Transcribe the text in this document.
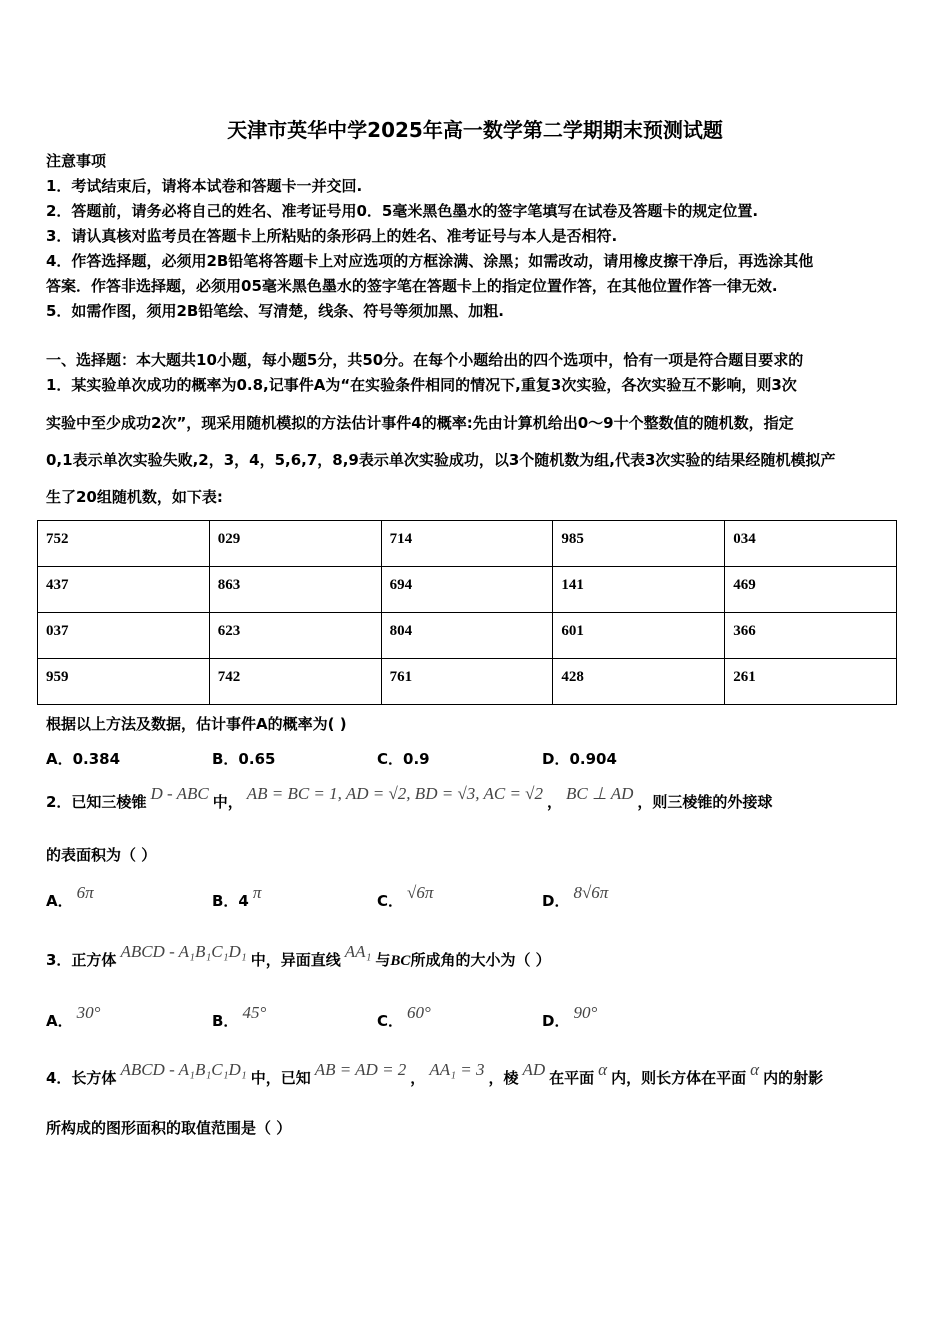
天津市英华中学2025年高一数学第二学期期末预测试题
注意事项
1．考试结束后，请将本试卷和答题卡一并交回.
2．答题前，请务必将自己的姓名、准考证号用0．5毫米黑色墨水的签字笔填写在试卷及答题卡的规定位置.
3．请认真核对监考员在答题卡上所粘贴的条形码上的姓名、准考证号与本人是否相符.
4．作答选择题，必须用2B铅笔将答题卡上对应选项的方框涂满、涂黑；如需改动，请用橡皮擦干净后，再选涂其他
答案．作答非选择题，必须用05毫米黑色墨水的签字笔在答题卡上的指定位置作答，在其他位置作答一律无效.
5．如需作图，须用2B铅笔绘、写清楚，线条、符号等须加黑、加粗.
一、选择题：本大题共10小题，每小题5分，共50分。在每个小题给出的四个选项中，恰有一项是符合题目要求的
1．某实验单次成功的概率为0.8,记事件A为“在实验条件相同的情况下,重复3次实验，各次实验互不影响，则3次
实验中至少成功2次”，现采用随机模拟的方法估计事件4的概率:先由计算机给出0～9十个整数值的随机数，指定
0,1表示单次实验失败,2，3，4，5,6,7，8,9表示单次实验成功，以3个随机数为组,代表3次实验的结果经随机模拟产
生了20组随机数，如下表:
752	029	714	985	034
437	863	694	141	469
037	623	804	601	366
959	742	761	428	261
根据以上方法及数据，估计事件A的概率为( )
A．0.384	B．0.65	C．0.9	D．0.904
2．已知三棱锥 D - ABC 中， AB = BC = 1, AD = √2, BD = √3, AC = √2 ， BC ⊥ AD ，则三棱锥的外接球
的表面积为（ ）
A． 6π	B．4 π	C． √6π	D． 8√6π
3．正方体 ABCD - A₁B₁C₁D₁ 中，异面直线 AA₁ 与BC所成角的大小为（ ）
A． 30°	B． 45°	C． 60°	D． 90°
4．长方体 ABCD - A₁B₁C₁D₁ 中，已知 AB = AD = 2 ， AA₁ = 3 ，棱 AD 在平面 α 内，则长方体在平面 α 内的射影
所构成的图形面积的取值范围是（ ）
